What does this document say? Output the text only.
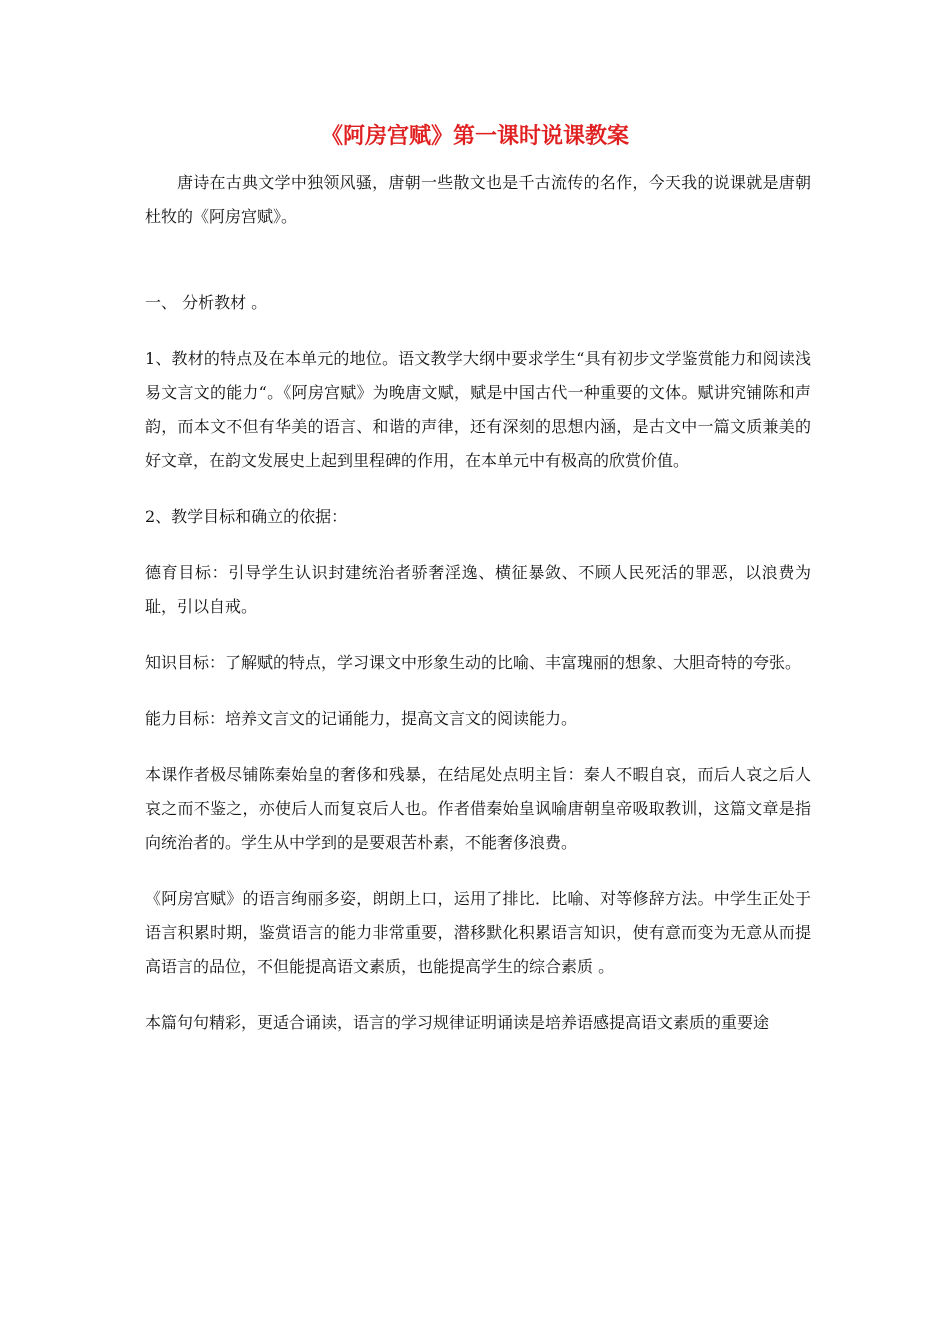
《阿房宫赋》第一课时说课教案

唐诗在古典文学中独领风骚，唐朝一些散文也是千古流传的名作，今天我的说课就是唐朝杜牧的《阿房宫赋》。

一、 分析教材 。

1、教材的特点及在本单元的地位。语文教学大纲中要求学生“具有初步文学鉴赏能力和阅读浅易文言文的能力“。《阿房宫赋》为晚唐文赋，赋是中国古代一种重要的文体。赋讲究铺陈和声韵，而本文不但有华美的语言、和谐的声律，还有深刻的思想内涵，是古文中一篇文质兼美的好文章，在韵文发展史上起到里程碑的作用，在本单元中有极高的欣赏价值。

2、教学目标和确立的依据：

德育目标：引导学生认识封建统治者骄奢淫逸、横征暴敛、不顾人民死活的罪恶，以浪费为耻，引以自戒。

知识目标：了解赋的特点，学习课文中形象生动的比喻、丰富瑰丽的想象、大胆奇特的夸张。

能力目标：培养文言文的记诵能力，提高文言文的阅读能力。

本课作者极尽铺陈秦始皇的奢侈和残暴，在结尾处点明主旨：秦人不暇自哀，而后人哀之后人哀之而不鉴之，亦使后人而复哀后人也。作者借秦始皇讽喻唐朝皇帝吸取教训，这篇文章是指向统治者的。学生从中学到的是要艰苦朴素，不能奢侈浪费。

《阿房宫赋》的语言绚丽多姿，朗朗上口，运用了排比．比喻、对等修辞方法。中学生正处于语言积累时期，鉴赏语言的能力非常重要，潜移默化积累语言知识，使有意而变为无意从而提高语言的品位，不但能提高语文素质，也能提高学生的综合素质 。

本篇句句精彩，更适合诵读，语言的学习规律证明诵读是培养语感提高语文素质的重要途
